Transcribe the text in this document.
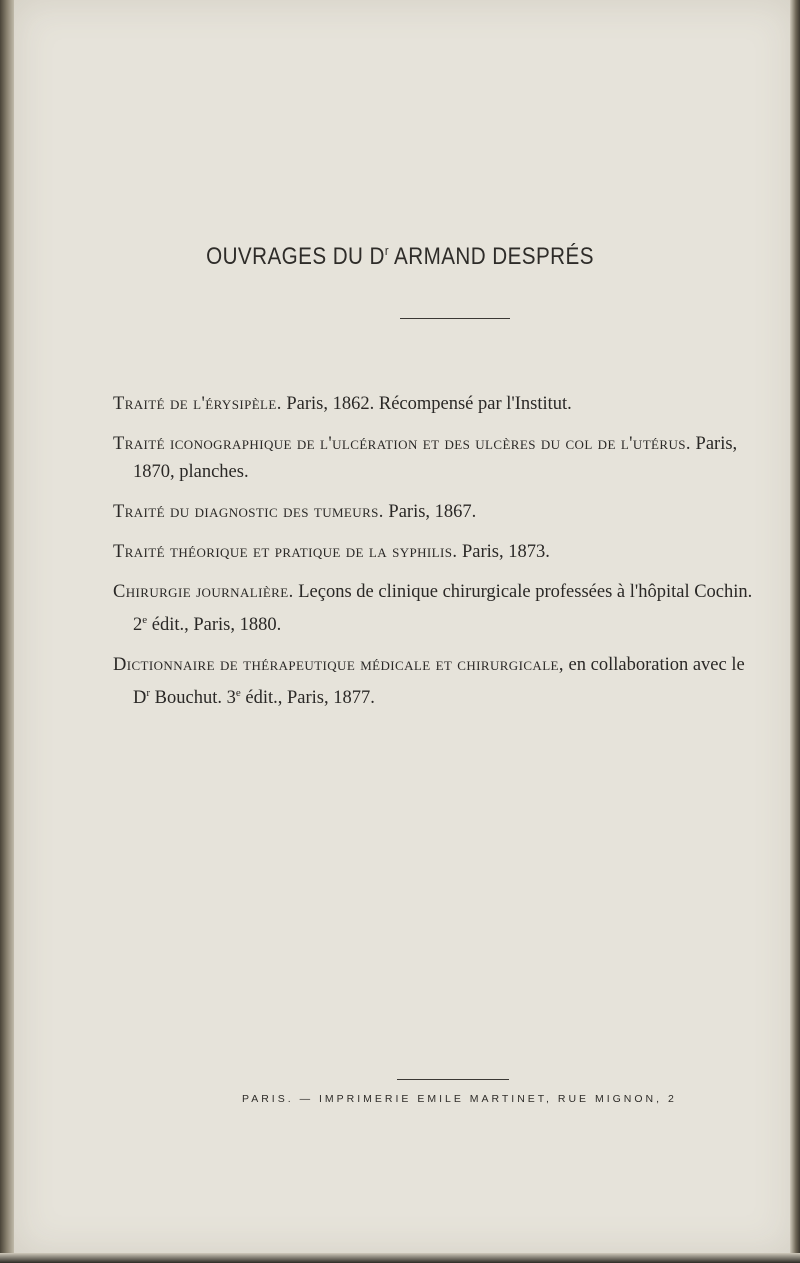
OUVRAGES DU $D^r$ ARMAND DESPRÉS

Traité de l'érysipèle. Paris, 1862. Récompensé par l'Institut.

Traité iconographique de l'ulcération et des ulcères du col de l'utérus. Paris, 1870, planches.

Traité du diagnostic des tumeurs. Paris, 1867.

Traité théorique et pratique de la syphilis. Paris, 1873.

Chirurgie journalière. Leçons de clinique chirurgicale professées à l'hôpital Cochin. 2e édit., Paris, 1880.

Dictionnaire de thérapeutique médicale et chirurgicale, en collaboration avec le $D^r$ Bouchut. 3e édit., Paris, 1877.

PARIS. — IMPRIMERIE EMILE MARTINET, RUE MIGNON, 2
